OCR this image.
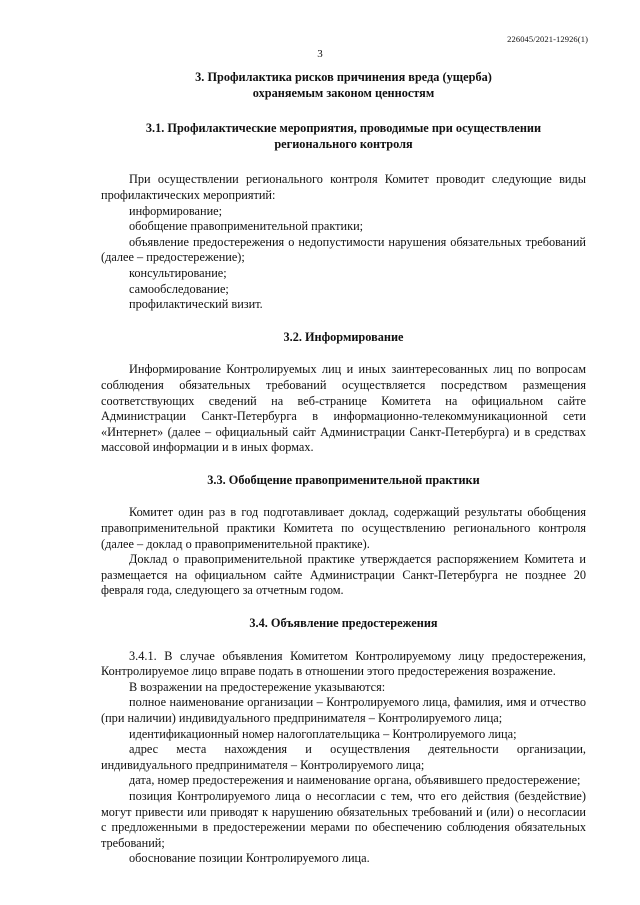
226045/2021-12926(1)
3

3. Профилактика рисков причинения вреда (ущерба)

охраняемым законом ценностям

3.1. Профилактические мероприятия, проводимые при осуществлении

регионального контроля

При осуществлении регионального контроля Комитет проводит следующие виды профилактических мероприятий:

информирование;

обобщение правоприменительной практики;

объявление предостережения о недопустимости нарушения обязательных требований (далее – предостережение);

консультирование;

самообследование;

профилактический визит.

3.2. Информирование

Информирование Контролируемых лиц и иных заинтересованных лиц по вопросам соблюдения обязательных требований осуществляется посредством размещения соответствующих сведений на веб-странице Комитета на официальном сайте Администрации Санкт-Петербурга в информационно-телекоммуникационной сети «Интернет» (далее – официальный сайт Администрации Санкт-Петербурга) и в средствах массовой информации и в иных формах.

3.3. Обобщение правоприменительной практики

Комитет один раз в год подготавливает доклад, содержащий результаты обобщения правоприменительной практики Комитета по осуществлению регионального контроля (далее – доклад о правоприменительной практике).

Доклад о правоприменительной практике утверждается распоряжением Комитета и размещается на официальном сайте Администрации Санкт-Петербурга не позднее 20 февраля года, следующего за отчетным годом.

3.4. Объявление предостережения

3.4.1. В случае объявления Комитетом Контролируемому лицу предостережения, Контролируемое лицо вправе подать в отношении этого предостережения возражение.

В возражении на предостережение указываются:

полное наименование организации – Контролируемого лица, фамилия, имя и отчество (при наличии) индивидуального предпринимателя – Контролируемого лица;

идентификационный номер налогоплательщика – Контролируемого лица;

адрес места нахождения и осуществления деятельности организации, индивидуального предпринимателя – Контролируемого лица;

дата, номер предостережения и наименование органа, объявившего предостережение;

позиция Контролируемого лица о несогласии с тем, что его действия (бездействие) могут привести или приводят к нарушению обязательных требований и (или) о несогласии с предложенными в предостережении мерами по обеспечению соблюдения обязательных требований;

обоснование позиции Контролируемого лица.
